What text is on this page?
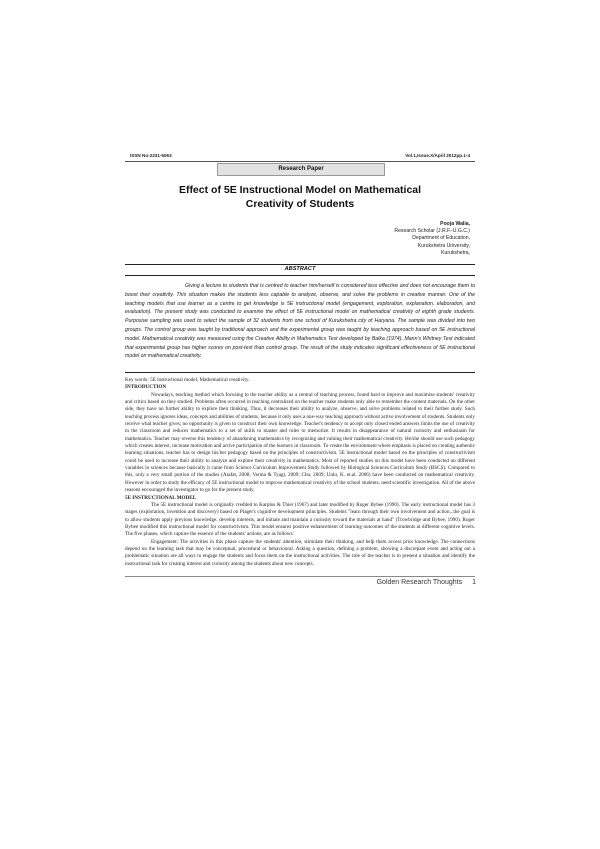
ISSN No-2231-5063	Vol.1,Issue.X/April 2012pp.1-4
Research Paper
Effect of 5E Instructional Model on Mathematical
Creativity of Students
Pooja Walia,
Research Scholar (J.R.F.-U.G.C.)
Department of Education,
Kurukshetra University,
Kurukshetra,
ABSTRACT

Giving a lecture to students that is centred to teacher him/herself is considered less effective and does not encourage them to boost their creativity. This situation makes the students less capable to analyze, observe, and solve the problems in creative manner. One of the teaching models that use learner as a centre to get knowledge is 5E instructional model (engagement, exploration, explanation, elaboration, and evaluation). The present study was conducted to examine the effect of 5E instructional model on mathematical creativity of eighth grade students. Purposive sampling was used to select the sample of 32 students from one school of Kurukshetra city of Haryana. The sample was divided into two groups. The control group was taught by traditional approach and the experimental group was taught by teaching approach based on 5E instructional model. Mathematical creativity was measured using the Creative Ability in Mathematics Test developed by Balka (1974). Mann's Whitney Test indicated that experimental group has higher scores on post-test than control group. The result of the study indicates significant effectiveness of 5E instructional model on mathematical creativity.

Key words: 5E instructional model, Mathematical creativity.

INTRODUCTION

Nowadays, teaching method which focusing to the teacher ability as a central of teaching process, found hard to improve and maximize students' creativity and critics based on they studied. Problems often occurred in teaching centralized on the teacher make students only able to remember the content materials. On the other side, they have no further ability to explore their thinking. Thus, it decreases their ability to analyze, observe, and solve problems related to their further study. Such teaching process ignores ideas, concepts and abilities of students, because it only uses a one-way teaching approach without active involvement of students. Students only receive what teacher gives; no opportunity is given to construct their own knowledge. Teacher's tendency to accept only closed ended answers limits the use of creativity in the classroom and reduces mathematics to a set of skills to master and rules to memorize. It results in disappearance of natural curiosity and enthusiasm for mathematics. Teacher may reverse this tendency of abandoning mathematics by recognizing and valuing their mathematical creativity. He/she should use such pedagogy which creates interest, increase motivation and active participation of the learners in classroom. To create the environment where emphasis is placed on creating authentic learning situations, teacher has to design his/her pedagogy based on the principles of constructivism. 5E instructional model based on the principles of constructivism could be used to increase their ability to analyze and explore their creativity in mathematics. Most of reported studies on this model have been conducted on different variables in sciences because basically it came from Science Curriculum Improvement Study followed by Biological Sciences Curriculum Study (BSCS). Compared to this, only a very small portion of the studies (Arafat, 2008; Verma & Tyagi, 2009; Chu, 2009; Unlu, K. et.al. 2006) have been conducted on mathematical creativity. However in order to study the efficacy of 5E instructional model to improve mathematical creativity of the school students, need scientific investigation. All of the above reasons encouraged the investigator to go for the present study.

5E INSTRUCTIONAL MODEL

The 5E instructional model is originally credited to Karplus & Thier (1967) and later modified by Roger Bybee (1990). The early instructional model has 3 stages (exploration, invention and discovery) based on Piaget's cognitive development principles. Students "learn through their own involvement and action...the goal is to allow students apply previous knowledge, develop interests, and initiate and maintain a curiosity toward the materials at hand" (Trowbridge and Bybee, 1990). Roger Bybee modified this instructional model for constructivism. This model ensures positive enhancement of learning outcomes of the students at different cognitive levels. The five phases, which capture the essence of the students' actions, are as follows:

Engagement: The activities in this phase capture the students' attention, stimulate their thinking, and help them access prior knowledge. The connections depend on the learning task that may be conceptual, procedural or behavioural. Asking a question, defining a problem, showing a discrepant event and acting out a problematic situation are all ways to engage the students and focus them on the instructional activities. The role of the teacher is to present a situation and identify the instructional task for creating interest and curiosity among the students about new concepts.

Golden Research Thoughts 1
